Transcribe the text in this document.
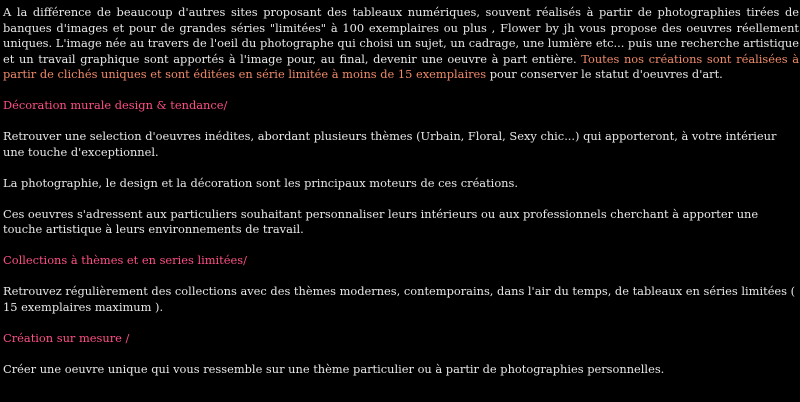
A la différence de beaucoup d'autres sites proposant des tableaux numériques, souvent réalisés à partir de photographies tirées de banques d'images et pour de grandes séries "limitées" à 100 exemplaires ou plus , Flower by jh vous propose des oeuvres réellement uniques. L'image née au travers de l'oeil du photographe qui choisi un sujet, un cadrage, une lumière etc... puis une recherche artistique et un travail graphique sont apportés à l'image pour, au final, devenir une oeuvre à part entière. Toutes nos créations sont réalisées à partir de clichés uniques et sont éditées en série limitée à moins de 15 exemplaires pour conserver le statut d'oeuvres d'art.

Décoration murale design & tendance/

Retrouver une selection d'oeuvres inédites, abordant plusieurs thèmes (Urbain, Floral, Sexy chic...) qui apporteront, à votre intérieur une touche d'exceptionnel.

La photographie, le design et la décoration sont les principaux moteurs de ces créations.

Ces oeuvres s'adressent aux particuliers souhaitant personnaliser leurs intérieurs ou aux professionnels cherchant à apporter une touche artistique à leurs environnements de travail.

Collections à thèmes et en series limitées/

Retrouvez régulièrement des collections avec des thèmes modernes, contemporains, dans l'air du temps, de tableaux en séries limitées ( 15 exemplaires maximum ).

Création sur mesure /

Créer une oeuvre unique qui vous ressemble sur une thème particulier ou à partir de photographies personnelles.
